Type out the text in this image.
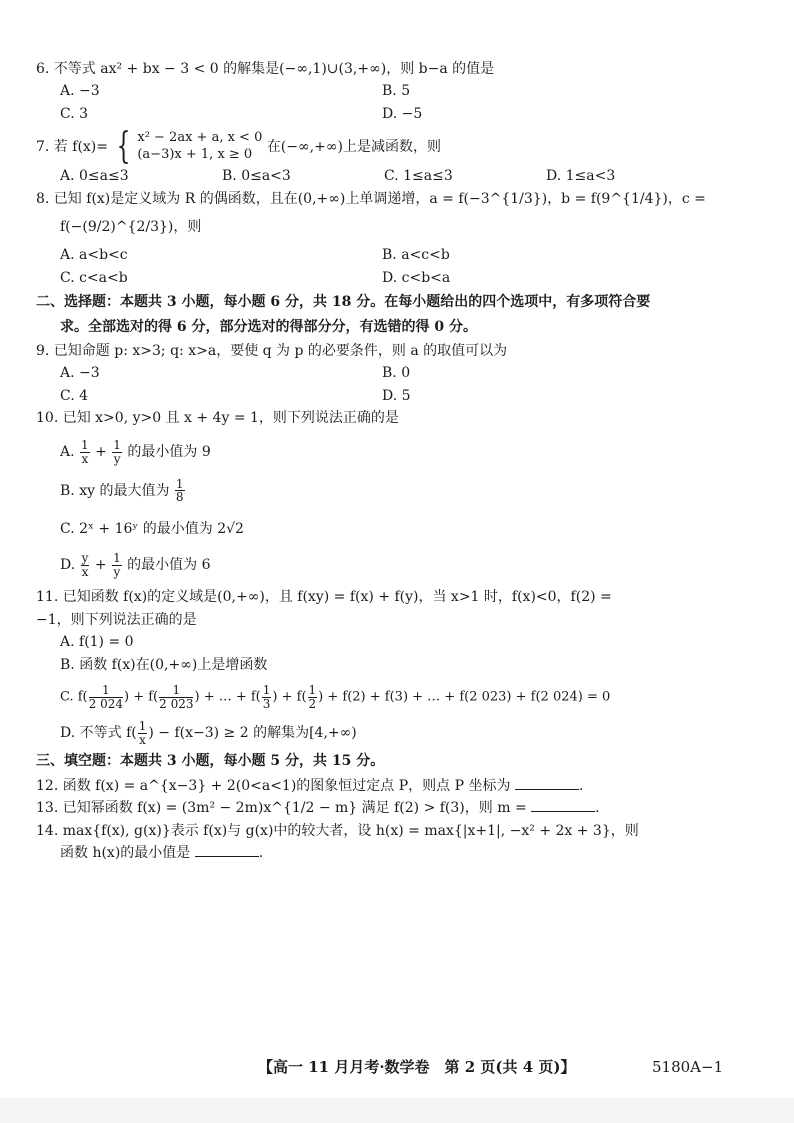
6. 不等式 ax² + bx − 3 < 0 的解集是(−∞,1)∪(3,+∞)，则 b−a 的值是

A. −3	B. 5
C. 3	D. −5
7. 若 f(x)= { x² − 2ax + a, x < 0
(a−3)x + 1, x ≥ 0	在(−∞,+∞)上是减函数，则
A. 0≤a≤3	B. 0≤a<3	C. 1≤a≤3	D. 1≤a<3

8. 已知 f(x)是定义域为 R 的偶函数，且在(0,+∞)上单调递增，a = f(−3^{1/3})，b = f(9^{1/4})，c =

f(−(9/2)^{2/3})，则

A. a<b<c	B. a<c<b
C. c<a<b	D. c<b<a

二、选择题：本题共 3 小题，每小题 6 分，共 18 分。在每小题给出的四个选项中，有多项符合要

求。全部选对的得 6 分，部分选对的得部分分，有选错的得 0 分。

9. 已知命题 p: x>3; q: x>a，要使 q 为 p 的必要条件，则 a 的取值可以为

A. −3	B. 0
C. 4	D. 5

10. 已知 x>0, y>0 且 x + 4y = 1，则下列说法正确的是

A. $\frac{1}{x} + \frac{1}{y}$ 的最小值为 9
B. xy 的最大值为 $\frac{1}{8}$
C. 2ˣ + 16ʸ 的最小值为 2√2
D. $\frac{y}{x} + \frac{1}{y}$ 的最小值为 6

11. 已知函数 f(x)的定义域是(0,+∞)，且 f(xy) = f(x) + f(y)，当 x>1 时，f(x)<0，f(2) =

−1，则下列说法正确的是

A. f(1) = 0
B. 函数 f(x)在(0,+∞)上是增函数
C. $f( \frac{1}{2 024}$ ) + $f( \frac{1}{2 023}$ ) + … + $f( \frac{1}{3}$ ) + $f( \frac{1}{2}$ ) + f(2) + f(3) + … + f(2 023) + f(2 024) = 0
D. 不等式 $f( \frac{1}{x}$ ) − f(x−3) ≥ 2 的解集为[4,+∞)

三、填空题：本题共 3 小题，每小题 5 分，共 15 分。

12. 函数 f(x) = a^{x−3} + 2(0<a<1)的图象恒过定点 P，则点 P 坐标为	.

13. 已知幂函数 f(x) = (3m² − 2m)x^{1/2 − m} 满足 f(2) > f(3)，则 m =	.

14. max{f(x), g(x)}表示 f(x)与 g(x)中的较大者，设 h(x) = max{|x+1|, −x² + 2x + 3}，则

函数 h(x)的最小值是	.

【高一 11 月月考·数学卷　第 2 页(共 4 页)】	5180A−1
